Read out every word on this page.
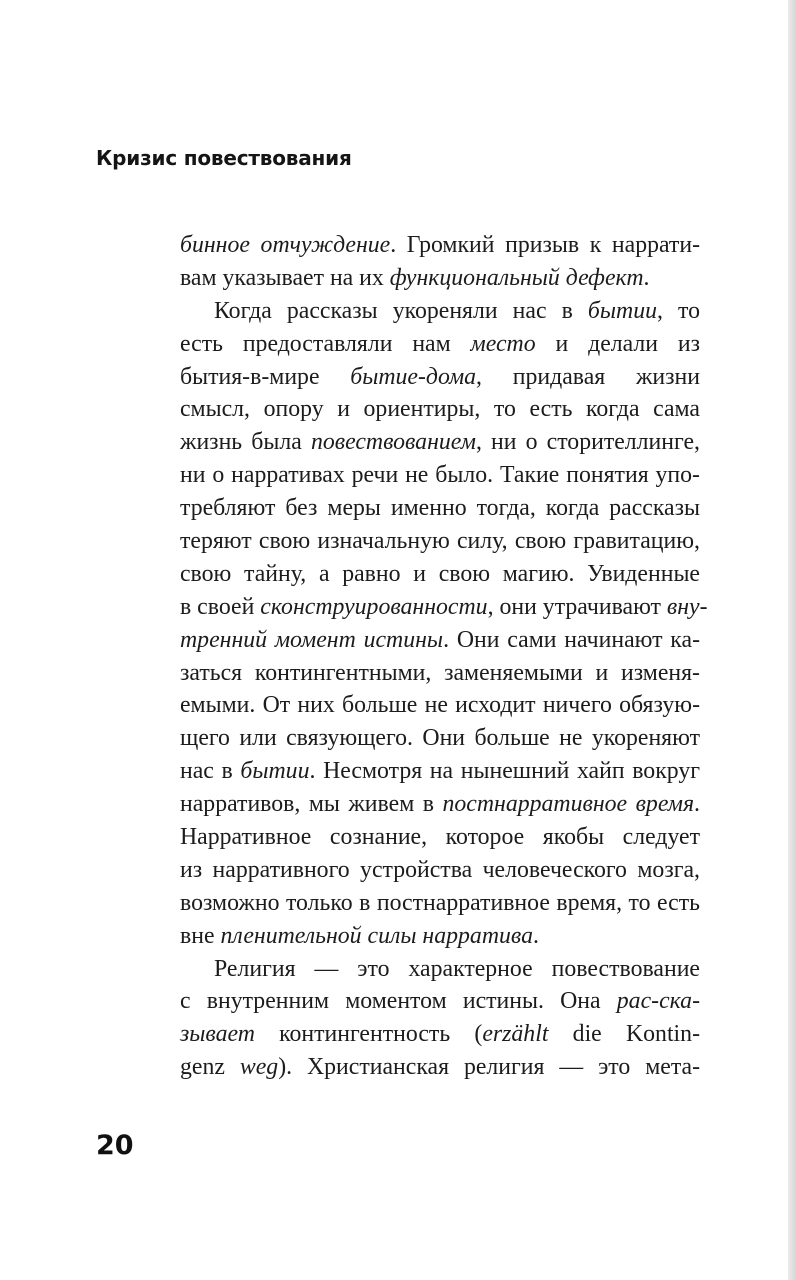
Кризис повествования
бинное отчуждение. Громкий призыв к наррати-
вам указывает на их функциональный дефект.
Когда рассказы укореняли нас в бытии, то
есть предоставляли нам место и делали из
бытия-в-мире бытие-дома, придавая жизни
смысл, опору и ориентиры, то есть когда сама
жизнь была повествованием, ни о сторителлинге,
ни о нарративах речи не было. Такие понятия упо-
требляют без меры именно тогда, когда рассказы
теряют свою изначальную силу, свою гравитацию,
свою тайну, а равно и свою магию. Увиденные
в своей сконструированности, они утрачивают вну-
тренний момент истины. Они сами начинают ка-
заться контингентными, заменяемыми и изменя-
емыми. От них больше не исходит ничего обязую-
щего или связующего. Они больше не укореняют
нас в бытии. Несмотря на нынешний хайп вокруг
нарративов, мы живем в постнарративное время.
Нарративное сознание, которое якобы следует
из нарративного устройства человеческого мозга,
возможно только в постнарративное время, то есть
вне пленительной силы нарратива.
Религия — это характерное повествование
с внутренним моментом истины. Она рас-ска-
зывает контингентность (erzählt die Kontin-
genz weg). Христианская религия — это мета-
20
